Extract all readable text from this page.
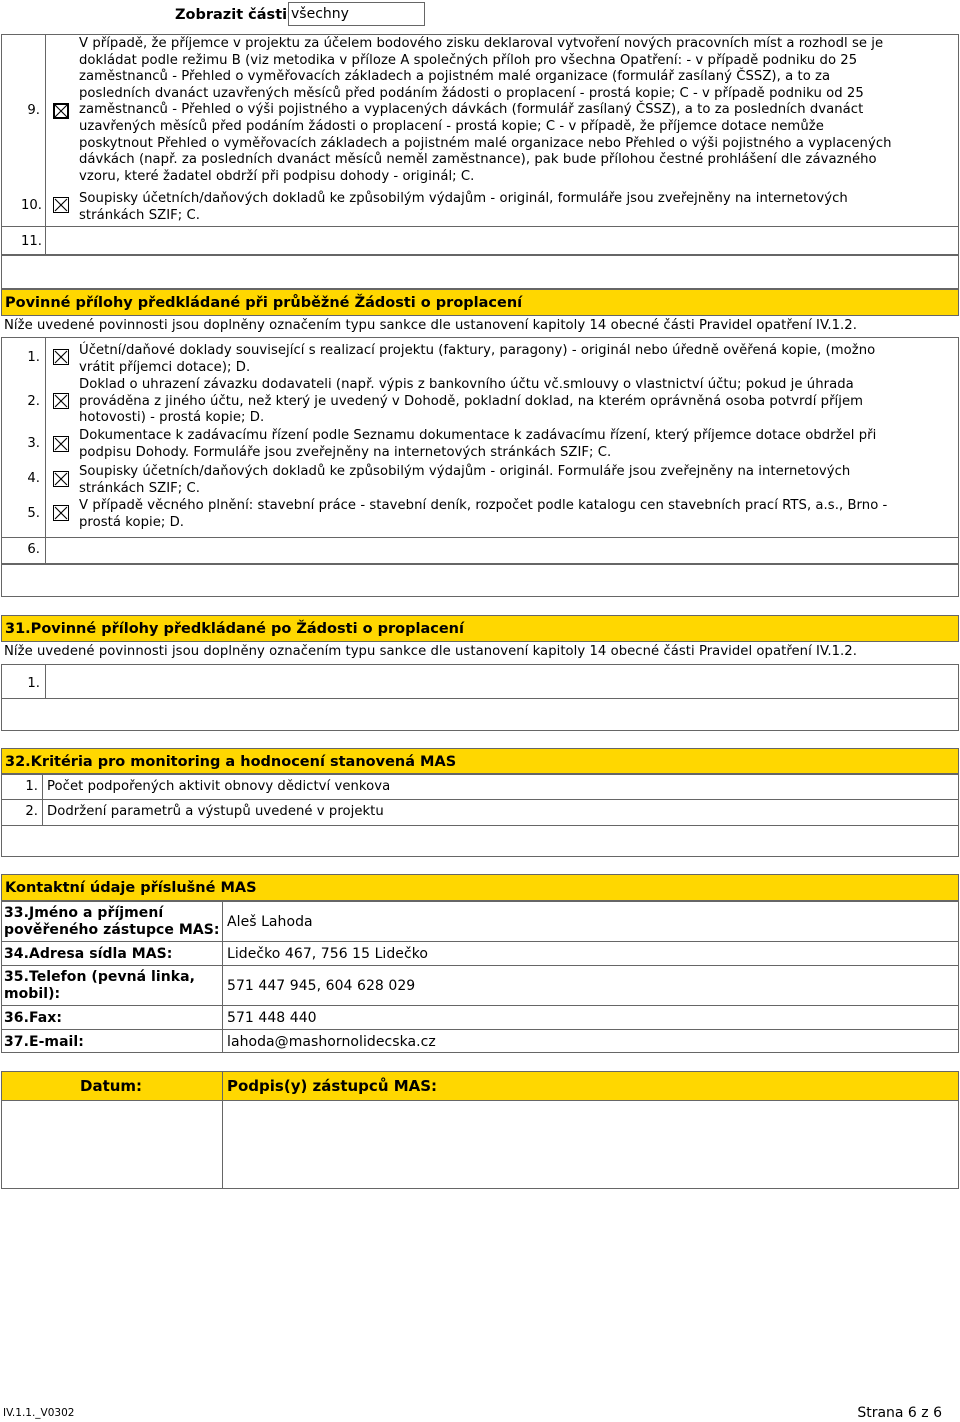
Zobrazit části všechny
9.
V případě, že příjemce v projektu za účelem bodového zisku deklaroval vytvoření nových pracovních míst a rozhodl se je
dokládat podle režimu B (viz metodika v příloze A společných příloh pro všechna Opatření: - v případě podniku do 25
zaměstnanců - Přehled o vyměřovacích základech a pojistném malé organizace (formulář zasílaný ČSSZ), a to za
posledních dvanáct uzavřených měsíců před podáním žádosti o proplacení - prostá kopie; C - v případě podniku od 25
zaměstnanců - Přehled o výši pojistného a vyplacených dávkách (formulář zasílaný ČSSZ), a to za posledních dvanáct
uzavřených měsíců před podáním žádosti o proplacení - prostá kopie; C - v případě, že příjemce dotace nemůže
poskytnout Přehled o vyměřovacích základech a pojistném malé organizace nebo Přehled o výši pojistného a vyplacených
dávkách (např. za posledních dvanáct měsíců neměl zaměstnance), pak bude přílohou čestné prohlášení dle závazného
vzoru, které žadatel obdrží při podpisu dohody - originál; C.
10.	Soupisky účetních/daňových dokladů ke způsobilým výdajům - originál, formuláře jsou zveřejněny na internetových
stránkách SZIF; C.
11.
Povinné přílohy předkládané při průběžné Žádosti o proplacení
Níže uvedené povinnosti jsou doplněny označením typu sankce dle ustanovení kapitoly 14 obecné části Pravidel opatření IV.1.2.
1.	Účetní/daňové doklady související s realizací projektu (faktury, paragony) - originál nebo úředně ověřená kopie, (možno
vrátit příjemci dotace); D.
2.
Doklad o uhrazení závazku dodavateli (např. výpis z bankovního účtu vč.smlouvy o vlastnictví účtu; pokud je úhrada
prováděna z jiného účtu, než který je uvedený v Dohodě, pokladní doklad, na kterém oprávněná osoba potvrdí příjem
hotovosti) - prostá kopie; D.
3.
Dokumentace k zadávacímu řízení podle Seznamu dokumentace k zadávacímu řízení, který příjemce dotace obdržel při
podpisu Dohody. Formuláře jsou zveřejněny na internetových stránkách SZIF; C.
4.	Soupisky účetních/daňových dokladů ke způsobilým výdajům - originál. Formuláře jsou zveřejněny na internetových
stránkách SZIF; C.
5.
V případě věcného plnění: stavební práce - stavební deník, rozpočet podle katalogu cen stavebních prací RTS, a.s., Brno -
prostá kopie; D.
6.
31.Povinné přílohy předkládané po Žádosti o proplacení
Níže uvedené povinnosti jsou doplněny označením typu sankce dle ustanovení kapitoly 14 obecné části Pravidel opatření IV.1.2.
1.
32.Kritéria pro monitoring a hodnocení stanovená MAS
1. Počet podpořených aktivit obnovy dědictví venkova
2. Dodržení parametrů a výstupů uvedené v projektu
Kontaktní údaje příslušné MAS
33.Jméno a příjmení
pověřeného zástupce MAS: Aleš Lahoda
34.Adresa sídla MAS:	Lidečko 467, 756 15 Lidečko
35.Telefon (pevná linka,
mobil):	571 447 945, 604 628 029
36.Fax:	571 448 440
37.E-mail:	lahoda@mashornolidecska.cz
Datum:	Podpis(y) zástupců MAS:
IV.1.1._V0302	Strana 6 z 6
